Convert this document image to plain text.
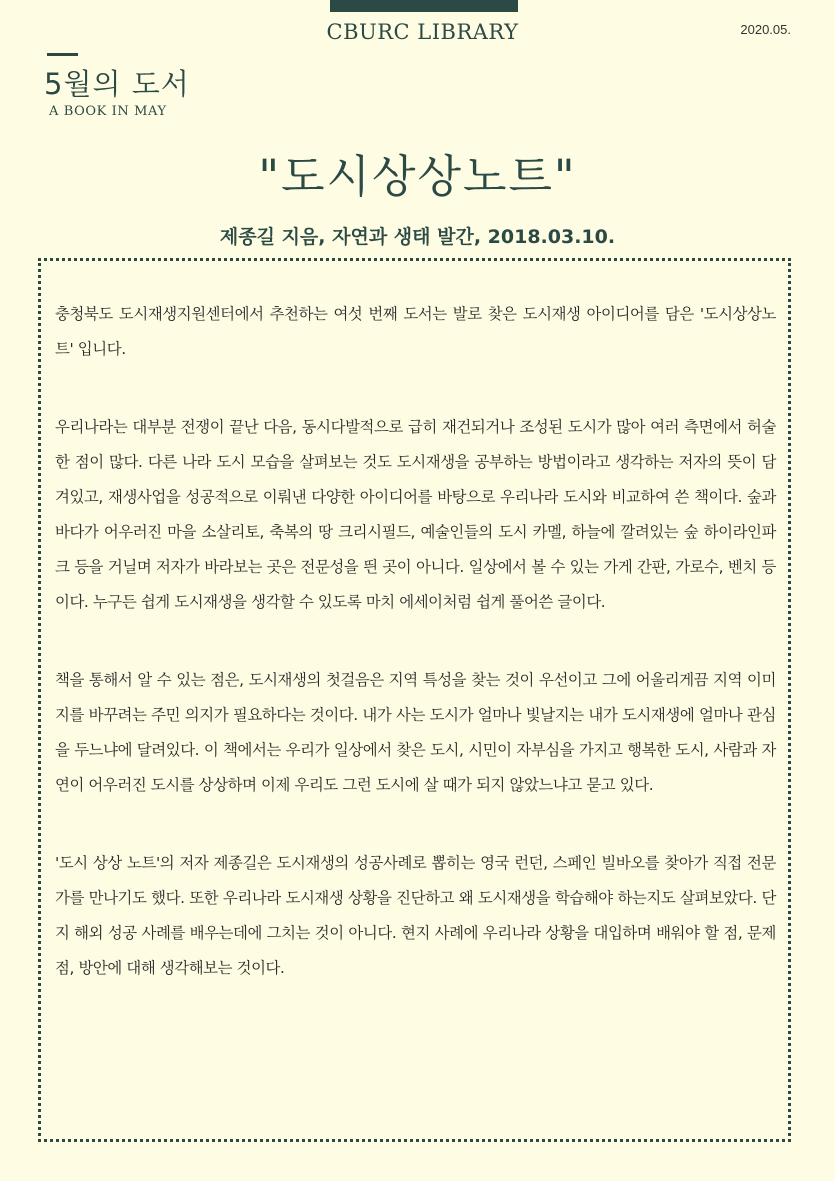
CBURC LIBRARY	2020.05.
5월의 도서
A BOOK IN MAY
"도시상상노트"
제종길 지음, 자연과 생태 발간, 2018.03.10.

충청북도 도시재생지원센터에서 추천하는 여섯 번째 도서는 발로 찾은 도시재생 아이디어를 담은 '도시상상노트' 입니다.

우리나라는 대부분 전쟁이 끝난 다음, 동시다발적으로 급히 재건되거나 조성된 도시가 많아 여러 측면에서 허술한 점이 많다. 다른 나라 도시 모습을 살펴보는 것도 도시재생을 공부하는 방법이라고 생각하는 저자의 뜻이 담겨있고, 재생사업을 성공적으로 이뤄낸 다양한 아이디어를 바탕으로 우리나라 도시와 비교하여 쓴 책이다. 숲과 바다가 어우러진 마을 소살리토, 축복의 땅 크리시필드, 예술인들의 도시 카멜, 하늘에 깔려있는 숲 하이라인파크 등을 거닐며 저자가 바라보는 곳은 전문성을 띈 곳이 아니다. 일상에서 볼 수 있는 가게 간판, 가로수, 벤치 등이다. 누구든 쉽게 도시재생을 생각할 수 있도록 마치 에세이처럼 쉽게 풀어쓴 글이다.

책을 통해서 알 수 있는 점은, 도시재생의 첫걸음은 지역 특성을 찾는 것이 우선이고 그에 어울리게끔 지역 이미지를 바꾸려는 주민 의지가 필요하다는 것이다. 내가 사는 도시가 얼마나 빛날지는 내가 도시재생에 얼마나 관심을 두느냐에 달려있다. 이 책에서는 우리가 일상에서 찾은 도시, 시민이 자부심을 가지고 행복한 도시, 사람과 자연이 어우러진 도시를 상상하며 이제 우리도 그런 도시에 살 때가 되지 않았느냐고 묻고 있다.

'도시 상상 노트'의 저자 제종길은 도시재생의 성공사례로 뽑히는 영국 런던, 스페인 빌바오를 찾아가 직접 전문가를 만나기도 했다. 또한 우리나라 도시재생 상황을 진단하고 왜 도시재생을 학습해야 하는지도 살펴보았다. 단지 해외 성공 사례를 배우는데에 그치는 것이 아니다. 현지 사례에 우리나라 상황을 대입하며 배워야 할 점, 문제점, 방안에 대해 생각해보는 것이다.
